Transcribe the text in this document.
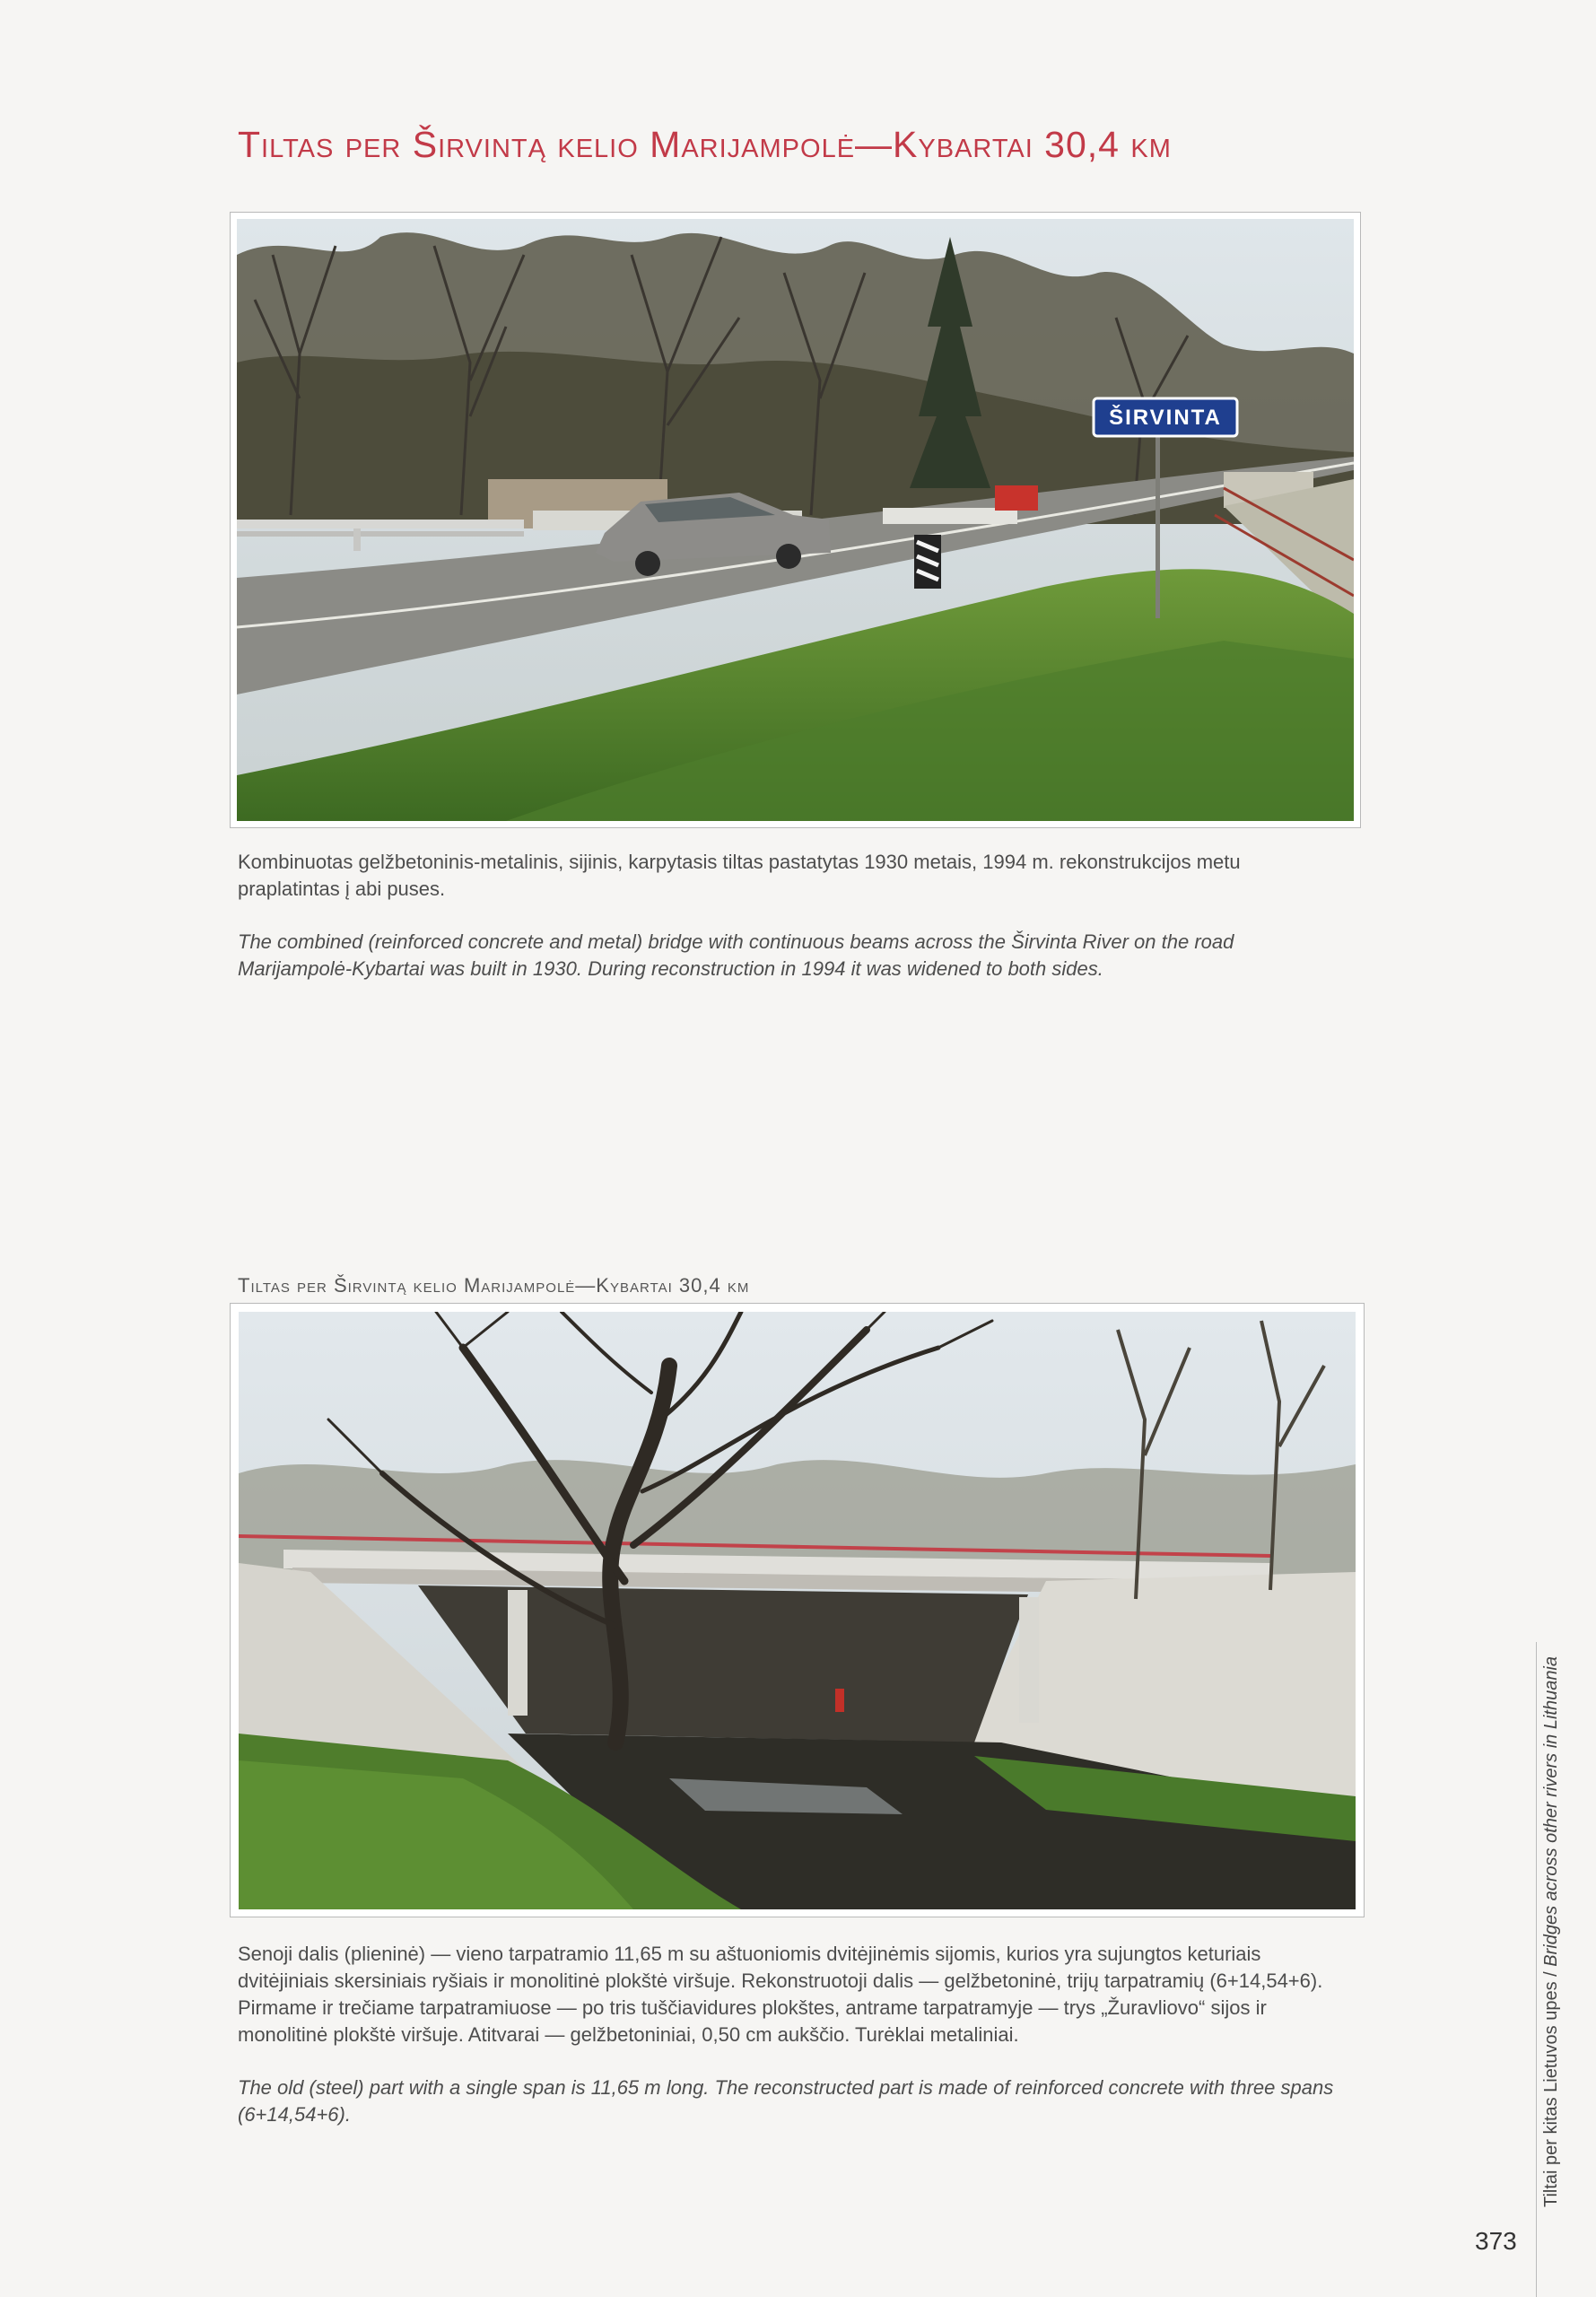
Tiltas per Širvintą kelio Marijampolė—Kybartai 30,4 km
ŠIRVINTA
Kombinuotas gelžbetoninis-metalinis, sijinis, karpytasis tiltas pastatytas 1930 metais, 1994 m. rekonstrukcijos metu praplatintas į abi puses.
The combined (reinforced concrete and metal) bridge with continuous beams across the Širvinta River on the road Marijampolė-Kybartai was built in 1930. During reconstruction in 1994 it was widened to both sides.
Tiltas per Širvintą kelio Marijampolė—Kybartai 30,4 km
Senoji dalis (plieninė) — vieno tarpatramio 11,65 m su aštuoniomis dvitėjinėmis sijomis, kurios yra sujungtos keturiais dvitėjiniais skersiniais ryšiais ir monolitinė plokštė viršuje. Rekonstruotoji dalis — gelžbetoninė, trijų tarpatramių (6+14,54+6). Pirmame ir trečiame tarpatramiuose — po tris tuščiavidures plokštes, antrame tarpatramyje — trys „Žuravliovo“ sijos ir monolitinė plokštė viršuje. Atitvarai — gelžbetoniniai, 0,50 cm aukščio. Turėklai metaliniai.
The old (steel) part with a single span is 11,65 m long. The reconstructed part is made of reinforced concrete with three spans (6+14,54+6).	Tiltai per kitas Lietuvos upes / Bridges across other rivers in Lithuania
373
